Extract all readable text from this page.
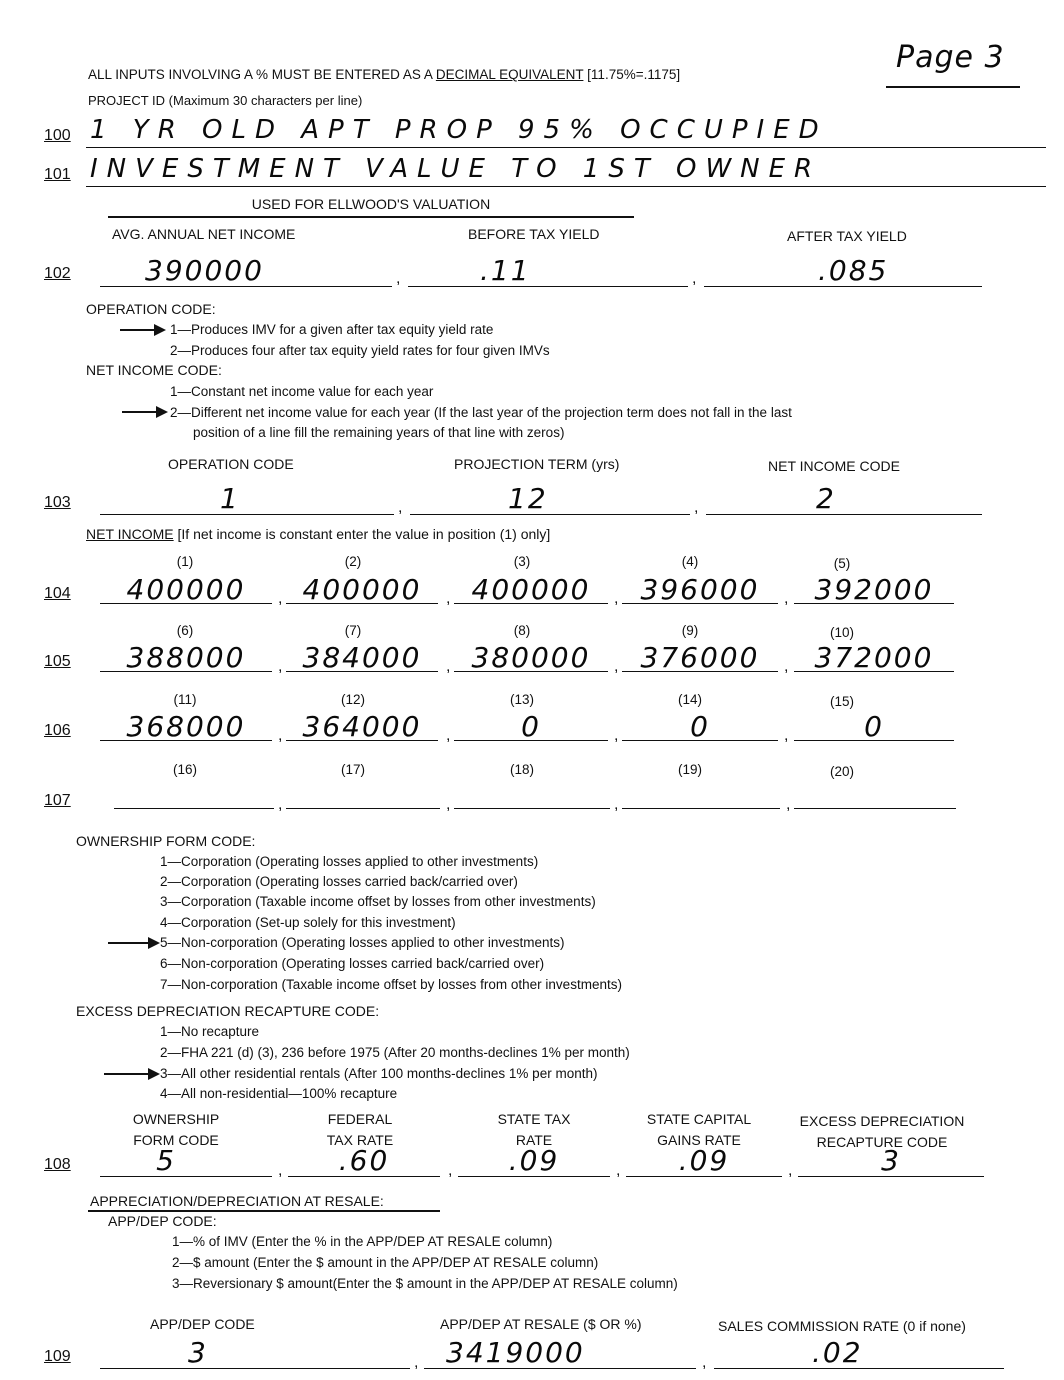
ALL INPUTS INVOLVING A % MUST BE ENTERED AS A DECIMAL EQUIVALENT [11.75%=.1175]	Page 3
PROJECT ID (Maximum 30 characters per line)
100 1 YR OLD APT PROP 95% OCCUPIED
101 INVESTMENT VALUE TO 1ST OWNER
USED FOR ELLWOOD'S VALUATION
AVG. ANNUAL NET INCOME	BEFORE TAX YIELD	AFTER TAX YIELD
102	390000	,	.11	,	.085
OPERATION CODE:
1—Produces IMV for a given after tax equity yield rate
2—Produces four after tax equity yield rates for four given IMVs
NET INCOME CODE:
1—Constant net income value for each year
2—Different net income value for each year (If the last year of the projection term does not fall in the last
position of a line fill the remaining years of that line with zeros)
OPERATION CODE	PROJECTION TERM (yrs)	NET INCOME CODE
103	1	,	12	,	2
NET INCOME [If net income is constant enter the value in position (1) only]
(1)	(2)	(3)	(4)	(5)
104	400000	, 400000	, 400000	, 396000	, 392000
(6)	(7)	(8)	(9)	(10)
105	388000	, 384000	, 380000	, 376000	, 372000
(11)	(12)	(13)	(14)	(15)
106	368000	, 364000	,	0	,	0	,	0
(16)	(17)	(18)	(19)	(20)
107	,	,	,	,
OWNERSHIP FORM CODE:
1—Corporation (Operating losses applied to other investments)
2—Corporation (Operating losses carried back/carried over)
3—Corporation (Taxable income offset by losses from other investments)
4—Corporation (Set-up solely for this investment)
5—Non-corporation (Operating losses applied to other investments)
6—Non-corporation (Operating losses carried back/carried over)
7—Non-corporation (Taxable income offset by losses from other investments)
EXCESS DEPRECIATION RECAPTURE CODE:
1—No recapture
2—FHA 221 (d) (3), 236 before 1975 (After 20 months-declines 1% per month)
3—All other residential rentals (After 100 months-declines 1% per month)
4—All non-residential—100% recapture
OWNERSHIP
FORM CODE
FEDERAL
TAX RATE
STATE TAX
RATE
STATE CAPITAL
GAINS RATE
EXCESS DEPRECIATION
RECAPTURE CODE
108	5	,	.60	,	.09	,	.09	,	3
APPRECIATION/DEPRECIATION AT RESALE:
APP/DEP CODE:
1—% of IMV (Enter the % in the APP/DEP AT RESALE column)
2—$ amount (Enter the $ amount in the APP/DEP AT RESALE column)
3—Reversionary $ amount(Enter the $ amount in the APP/DEP AT RESALE column)
APP/DEP CODE	APP/DEP AT RESALE ($ OR %)	SALES COMMISSION RATE (0 if none)
109	3	, 3419000	,	.02
